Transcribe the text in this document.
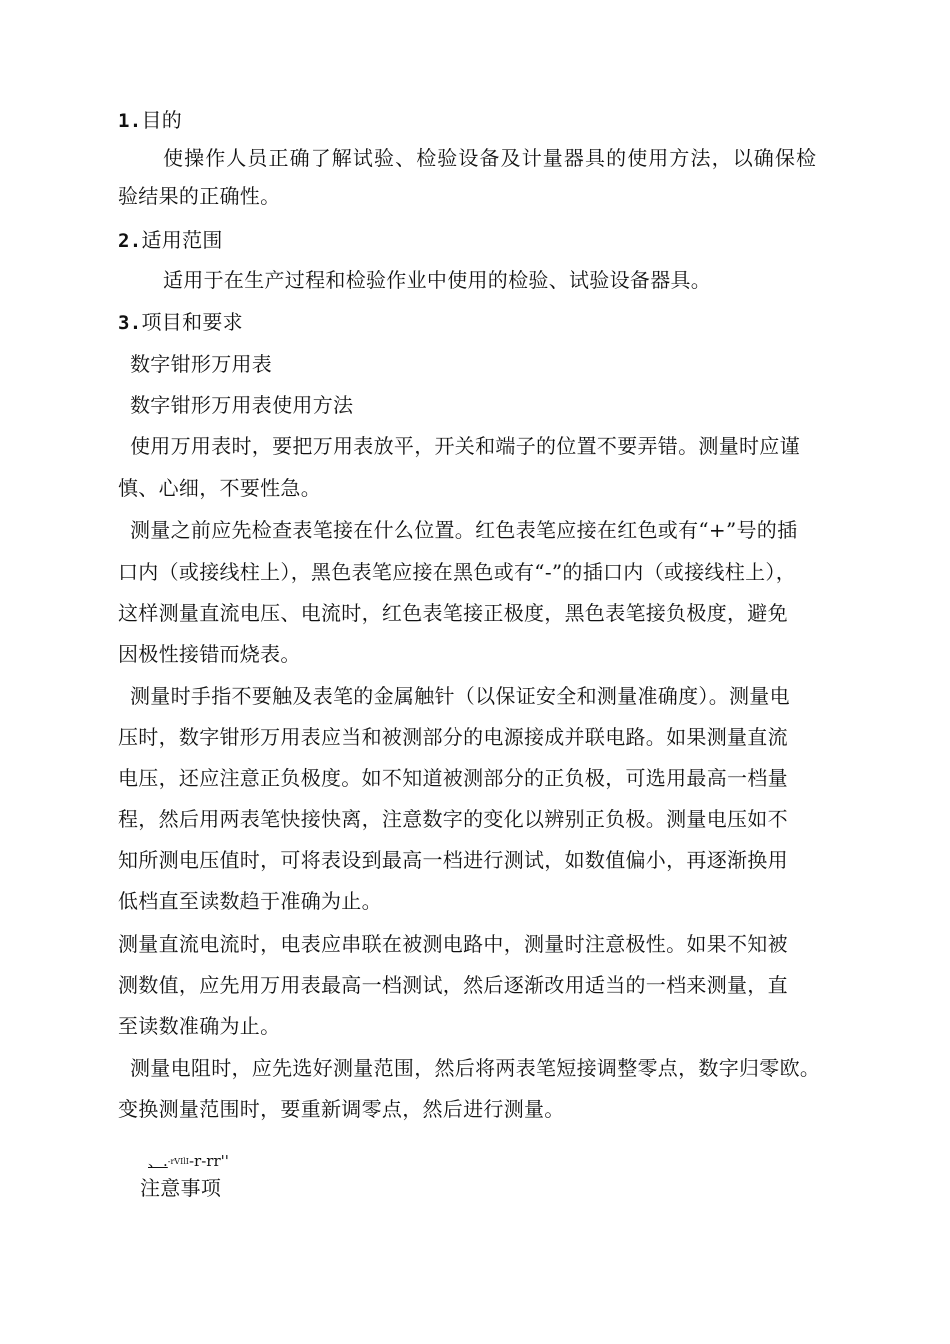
1.目的
使操作人员正确了解试验、检验设备及计量器具的使用方法，以确保检
验结果的正确性。
2.适用范围
适用于在生产过程和检验作业中使用的检验、试验设备器具。
3.项目和要求
数字钳形万用表
数字钳形万用表使用方法
使用万用表时，要把万用表放平，开关和端子的位置不要弄错。测量时应谨
慎、心细，不要性急。
测量之前应先检查表笔接在什么位置。红色表笔应接在红色或有“+”号的插
口内（或接线柱上），黑色表笔应接在黑色或有“-”的插口内（或接线柱上），
这样测量直流电压、电流时，红色表笔接正极度，黑色表笔接负极度，避免
因极性接错而烧表。
测量时手指不要触及表笔的金属触针（以保证安全和测量准确度）。测量电
压时，数字钳形万用表应当和被测部分的电源接成并联电路。如果测量直流
电压，还应注意正负极度。如不知道被测部分的正负极，可选用最高一档量
程，然后用两表笔快接快离，注意数字的变化以辨别正负极。测量电压如不
知所测电压值时，可将表设到最高一档进行测试，如数值偏小，再逐渐换用
低档直至读数趋于准确为止。
测量直流电流时，电表应串联在被测电路中，测量时注意极性。如果不知被
测数值，应先用万用表最高一档测试，然后逐渐改用适当的一档来测量，直
至读数准确为止。
测量电阻时，应先选好测量范围，然后将两表笔短接调整零点，数字归零欧。
变换测量范围时，要重新调零点，然后进行测量。
、.-rVIlI-r-rr''
注意事项
